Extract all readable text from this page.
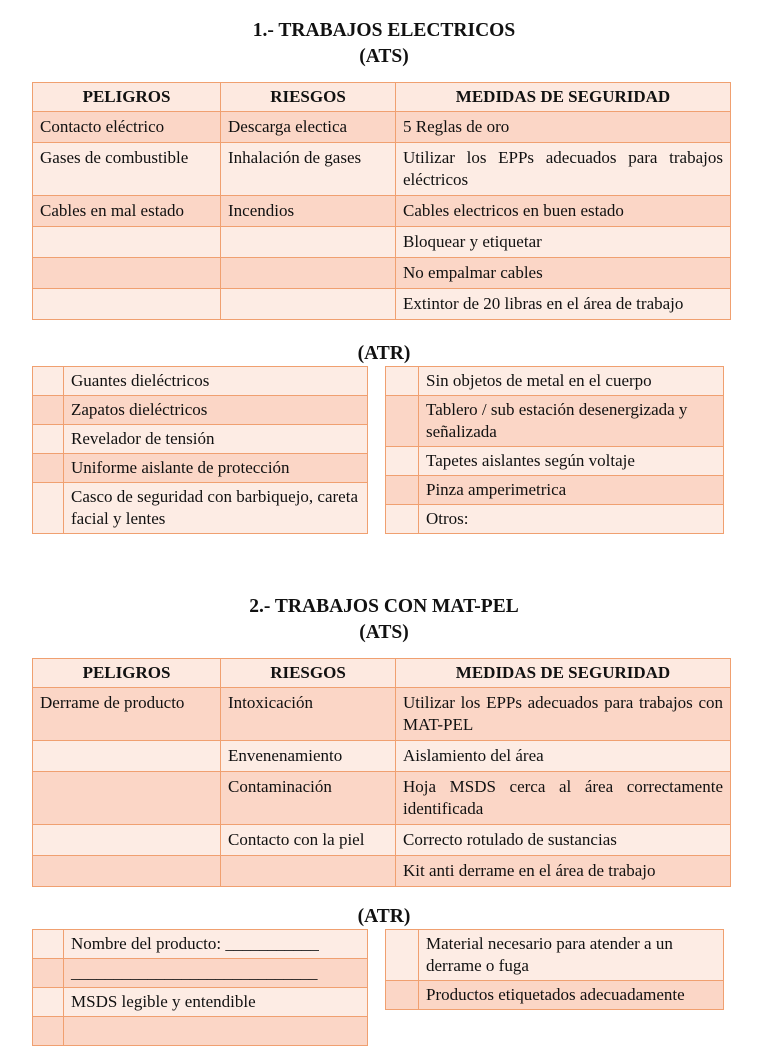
1.- TRABAJOS ELECTRICOS
(ATS)
PELIGROS	RIESGOS	MEDIDAS DE SEGURIDAD
Contacto eléctrico	Descarga electica	5 Reglas de oro
Gases de combustible	Inhalación de gases	Utilizar los EPPs adecuados para trabajos eléctricos
Cables en mal estado	Incendios	Cables electricos en buen estado
		Bloquear y etiquetar
		No empalmar cables
		Extintor de 20 libras en el área de trabajo
(ATR)
	Guantes dieléctricos
	Zapatos dieléctricos
	Revelador de tensión
	Uniforme aislante de protección
	Casco de seguridad con barbiquejo, careta facial y lentes
	Sin objetos de metal en el cuerpo
	Tablero / sub estación desenergizada y señalizada
	Tapetes aislantes según voltaje
	Pinza amperimetrica
	Otros:
2.- TRABAJOS CON MAT-PEL
(ATS)
PELIGROS	RIESGOS	MEDIDAS DE SEGURIDAD
Derrame de producto	Intoxicación	Utilizar los EPPs adecuados para trabajos con MAT-PEL
	Envenenamiento	Aislamiento del área
	Contaminación	Hoja MSDS cerca al área correctamente identificada
	Contacto con la piel	Correcto rotulado de sustancias
		Kit anti derrame en el área de trabajo
(ATR)
	Nombre del producto: ___________
	_____________________________
	MSDS legible y entendible

	Material necesario para atender a un derrame o fuga
	Productos etiquetados adecuadamente
